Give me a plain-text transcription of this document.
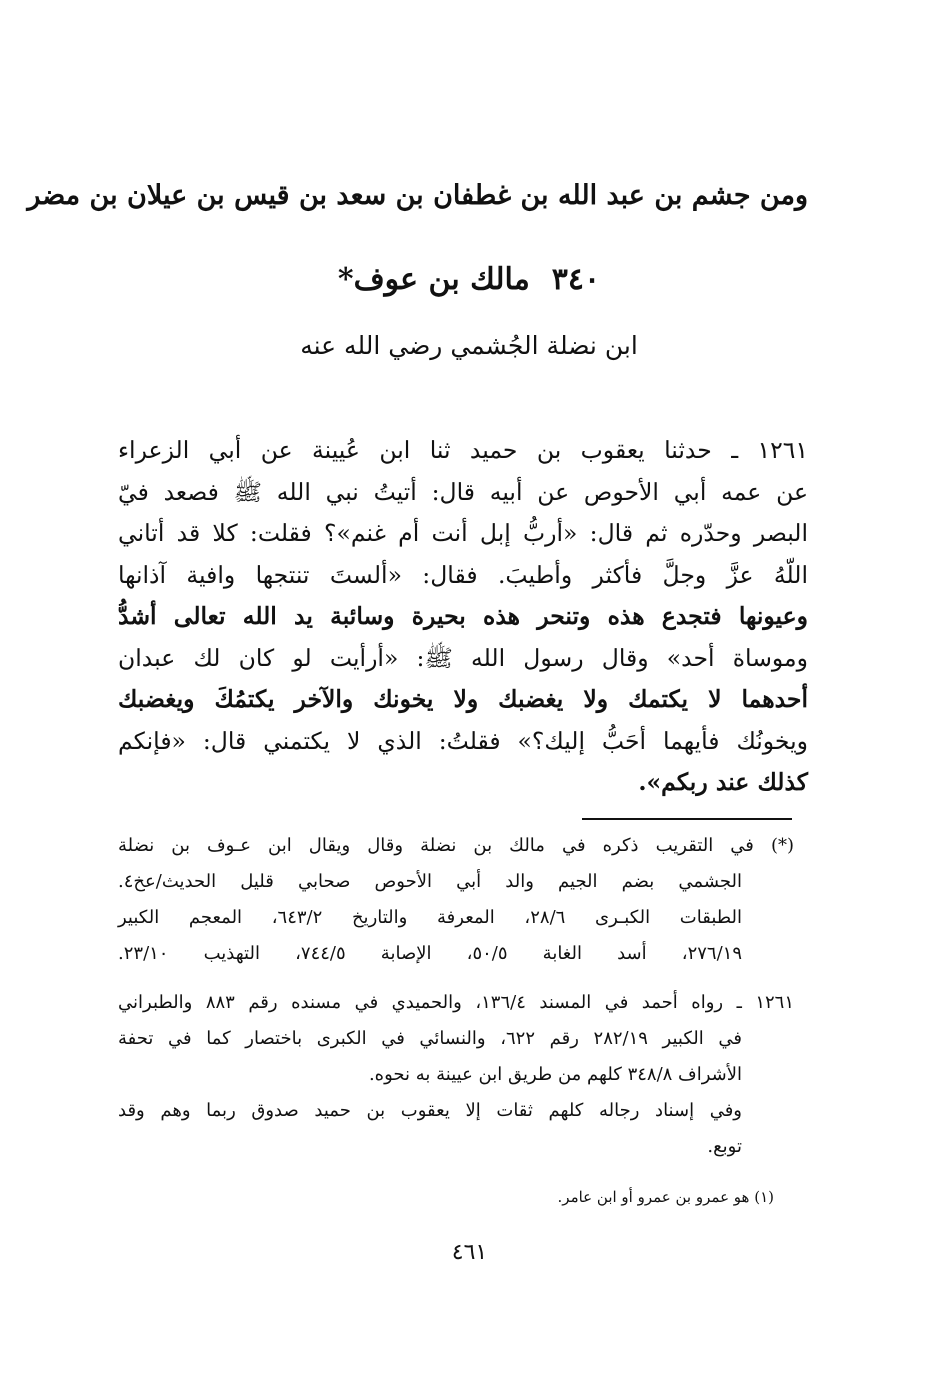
ومن جشم بن عبد الله بن غطفان بن سعد بن قيس بن عيلان بن مضر
٣٤٠مالك بن عوف*
ابن نضلة الجُشمي رضي الله عنه
١٢٦١ ـ حدثنا يعقوب بن حميد ثنا ابن عُيينة عن أبي الزعراء
عن عمه أبي الأحوص عن أبيه قال: أتيتُ نبي الله ﷺ فصعد فيّ
البصر وحدّره ثم قال: «أربُّ إبل أنت أم غنم»؟ فقلت: كلا قد أتاني
اللّهُ عزَّ وجلَّ فأكثر وأطيبَ. فقال: «ألستَ تنتجها وافية آذانها
وعيونها فتجدع هذه وتنحر هذه بحيرة وسائبة يد الله تعالى أشدُّ
وموساة أحد» وقال رسول الله ﷺ: «أرأيت لو كان لك عبدان
أحدهما لا يكتمك ولا يغضبك ولا يخونك والآخر يكتمُكَ ويغضبك
ويخونُك فأيهما أحَبُّ إليك؟» فقلتُ: الذي لا يكتمني قال: «فإنكم
كذلك عند ربكم».
(*) في التقريب ذكره في مالك بن نضلة وقال ويقال ابن عـوف بن نضلة
الجشمي بضم الجيم والد أبي الأحوص صحابي قليل الحديث/عخ٤.
الطبقات الكبـرى ٢٨/٦، المعرفة والتاريخ ٦٤٣/٢، المعجم الكبير
٢٧٦/١٩، أسد الغابة ٥٠/٥، الإصابة ٧٤٤/٥، التهذيب ٢٣/١٠.
١٢٦١ ـ رواه أحمد في المسند ١٣٦/٤، والحميدي في مسنده رقم ٨٨٣ والطبراني
في الكبير ٢٨٢/١٩ رقم ٦٢٢، والنسائي في الكبرى باختصار كما في تحفة
الأشراف ٣٤٨/٨ كلهم من طريق ابن عيينة به نحوه.
وفي إسناد رجاله كلهم ثقات إلا يعقوب بن حميد صدوق ربما وهم وقد
توبع.
(١) هو عمرو بن عمرو أو ابن عامر.
٤٦١
